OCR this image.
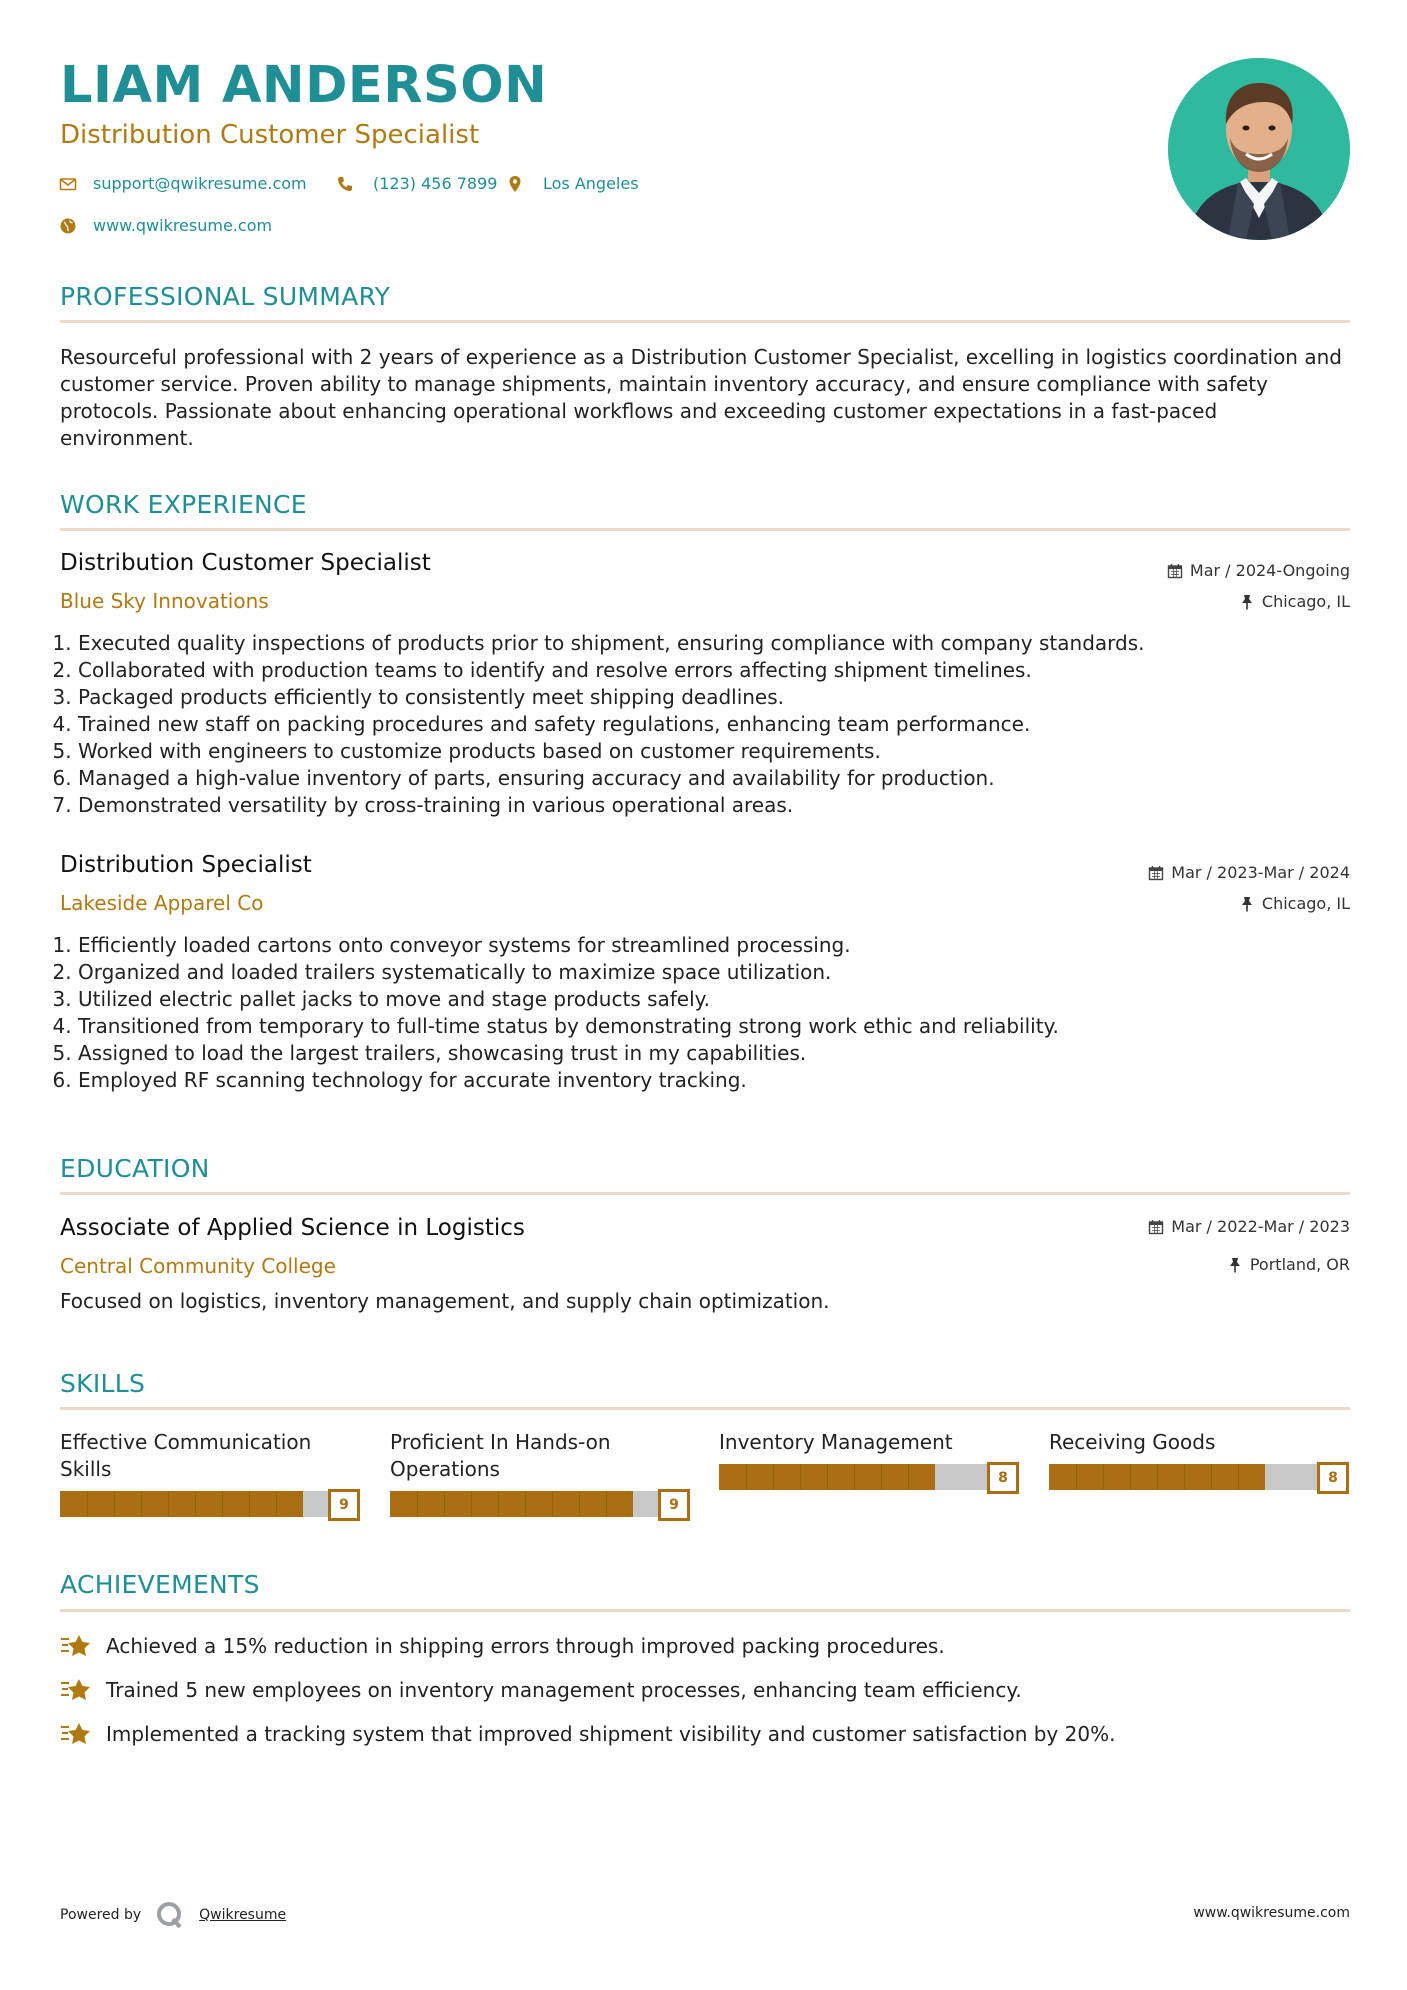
LIAM ANDERSON
Distribution Customer Specialist
support@qwikresume.com	(123) 456 7899	Los Angeles
www.qwikresume.com
PROFESSIONAL SUMMARY
Resourceful professional with 2 years of experience as a Distribution Customer Specialist, excelling in logistics coordination and customer service. Proven ability to manage shipments, maintain inventory accuracy, and ensure compliance with safety protocols. Passionate about enhancing operational workflows and exceeding customer expectations in a fast-paced environment.
WORK EXPERIENCE
Distribution Customer Specialist
Blue Sky Innovations
Mar / 2024-Ongoing
Chicago, IL
1. Executed quality inspections of products prior to shipment, ensuring compliance with company standards.
2. Collaborated with production teams to identify and resolve errors affecting shipment timelines.
3. Packaged products efficiently to consistently meet shipping deadlines.
4. Trained new staff on packing procedures and safety regulations, enhancing team performance.
5. Worked with engineers to customize products based on customer requirements.
6. Managed a high-value inventory of parts, ensuring accuracy and availability for production.
7. Demonstrated versatility by cross-training in various operational areas.
Distribution Specialist
Lakeside Apparel Co
Mar / 2023-Mar / 2024
Chicago, IL
1. Efficiently loaded cartons onto conveyor systems for streamlined processing.
2. Organized and loaded trailers systematically to maximize space utilization.
3. Utilized electric pallet jacks to move and stage products safely.
4. Transitioned from temporary to full-time status by demonstrating strong work ethic and reliability.
5. Assigned to load the largest trailers, showcasing trust in my capabilities.
6. Employed RF scanning technology for accurate inventory tracking.
EDUCATION
Associate of Applied Science in Logistics
Central Community College
Mar / 2022-Mar / 2023
Portland, OR
Focused on logistics, inventory management, and supply chain optimization.
SKILLS
Effective Communication Skills
9
Proficient In Hands-on Operations
9
Inventory Management
8
Receiving Goods
8
ACHIEVEMENTS
Achieved a 15% reduction in shipping errors through improved packing procedures.
Trained 5 new employees on inventory management processes, enhancing team efficiency.
Implemented a tracking system that improved shipment visibility and customer satisfaction by 20%.
Powered by	Qwikresume	www.qwikresume.com
